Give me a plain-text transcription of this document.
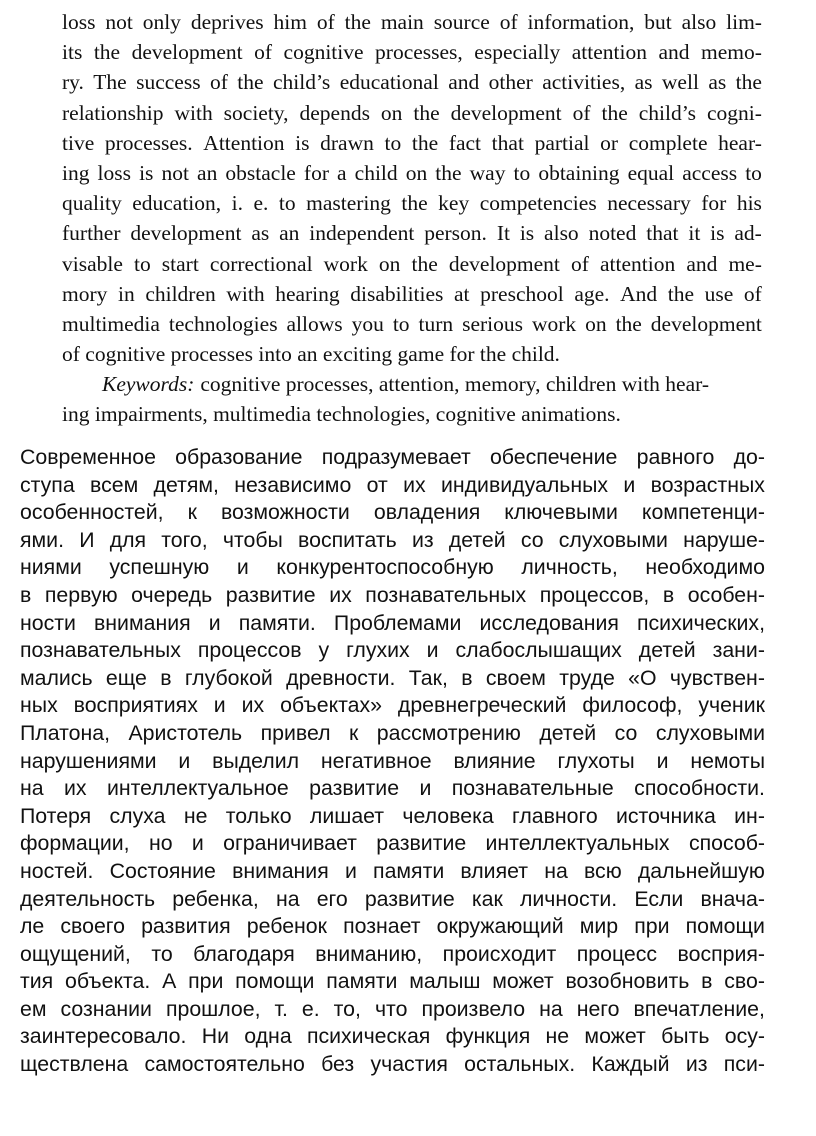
loss not only deprives him of the main source of information, but also lim-
its the development of cognitive processes, especially attention and memo-
ry. The success of the child’s educational and other activities, as well as the
relationship with society, depends on the development of the child’s cogni-
tive processes. Attention is drawn to the fact that partial or complete hear-
ing loss is not an obstacle for a child on the way to obtaining equal access to
quality education, i. e. to mastering the key competencies necessary for his
further development as an independent person. It is also noted that it is ad-
visable to start correctional work on the development of attention and me-
mory in children with hearing disabilities at preschool age. And the use of
multimedia technologies allows you to turn serious work on the development
of cognitive processes into an exciting game for the child.
Keywords: cognitive processes, attention, memory, children with hear-
ing impairments, multimedia technologies, cognitive animations.
Современное образование подразумевает обеспечение равного до-
ступа всем детям, независимо от их индивидуальных и возрастных
особенностей, к возможности овладения ключевыми компетенци-
ями. И для того, чтобы воспитать из детей со слуховыми наруше-
ниями успешную и конкурентоспособную личность, необходимо
в первую очередь развитие их познавательных процессов, в особен-
ности внимания и памяти. Проблемами исследования психических,
познавательных процессов у глухих и слабослышащих детей зани-
мались еще в глубокой древности. Так, в своем труде «О чувствен-
ных восприятиях и их объектах» древнегреческий философ, ученик
Платона, Аристотель привел к рассмотрению детей со слуховыми
нарушениями и выделил негативное влияние глухоты и немоты
на их интеллектуальное развитие и познавательные способности.
Потеря слуха не только лишает человека главного источника ин-
формации, но и ограничивает развитие интеллектуальных способ-
ностей. Состояние внимания и памяти влияет на всю дальнейшую
деятельность ребенка, на его развитие как личности. Если внача-
ле своего развития ребенок познает окружающий мир при помощи
ощущений, то благодаря вниманию, происходит процесс восприя-
тия объекта. А при помощи памяти малыш может возобновить в сво-
ем сознании прошлое, т. е. то, что произвело на него впечатление,
заинтересовало. Ни одна психическая функция не может быть осу-
ществлена самостоятельно без участия остальных. Каждый из пси-
